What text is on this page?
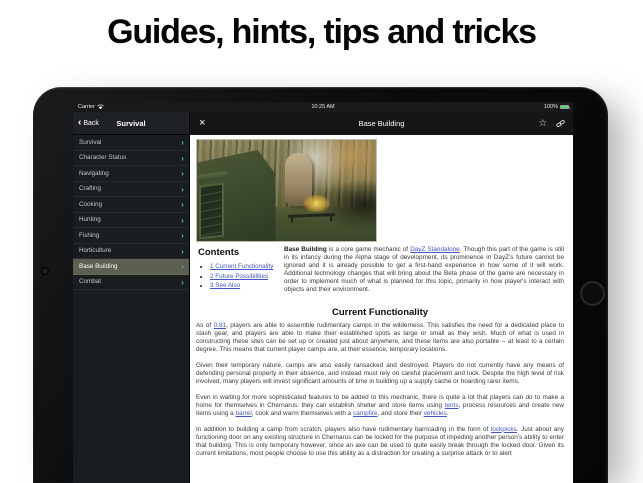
Guides, hints, tips and tricks
Carrier	10:25 AM	100%
‹ Back	Survival
Survival	›
Character Status	›
Navigating	›
Crafting	›
Cooking	›
Hunting	›
Fishing	›
Horticulture	›
Base Building	›
Combat	›
×	Base Building	☆
Contents
• 1 Current Functionality
• 2 Future Possibilities
• 3 See Also

Base Building is a core game mechanic of DayZ Standalone. Though this part of the game is still in its infancy during the Alpha stage of development, its prominence in DayZ's future cannot be ignored and it is already possible to get a first-hand experience in how some of it will work. Additional technology changes that will bring about the Beta phase of the game are necessary in order to implement much of what is planned for this topic, primarily in how player's interact with objects and their environment.

Current Functionality

As of 0.61, players are able to assemble rudimentary camps in the wilderness. This satisfies the need for a dedicated place to stash gear, and players are able to make their established spots as large or small as they wish. Much of what is used in constructing these sites can be set up or created just about anywhere, and these items are also portable -- at least to a certain degree. This means that current player camps are, at their essence, temporary locations.

Given their temporary nature, camps are also easily ransacked and destroyed. Players do not currently have any means of defending personal property in their absence, and instead must rely on careful placement and luck. Despite the high level of risk involved, many players will invest significant amounts of time in building up a supply cache or hoarding rarer items.

Even in waiting for more sophisticated features to be added to this mechanic, there is quite a lot that players can do to make a home for themselves in Chernarus: they can establish shelter and store items using tents, process resources and create new items using a barrel, cook and warm themselves with a campfire, and store their vehicles.

In addition to building a camp from scratch, players also have rudimentary barricading in the form of lockpicks. Just about any functioning door on any existing structure in Chernarus can be locked for the purpose of impeding another person's ability to enter that building. This is only temporary however, since an axe can be used to quite easily break through the locked door. Given its current limitations, most people choose to use this ability as a distraction for creating a surprise attack or to alert
